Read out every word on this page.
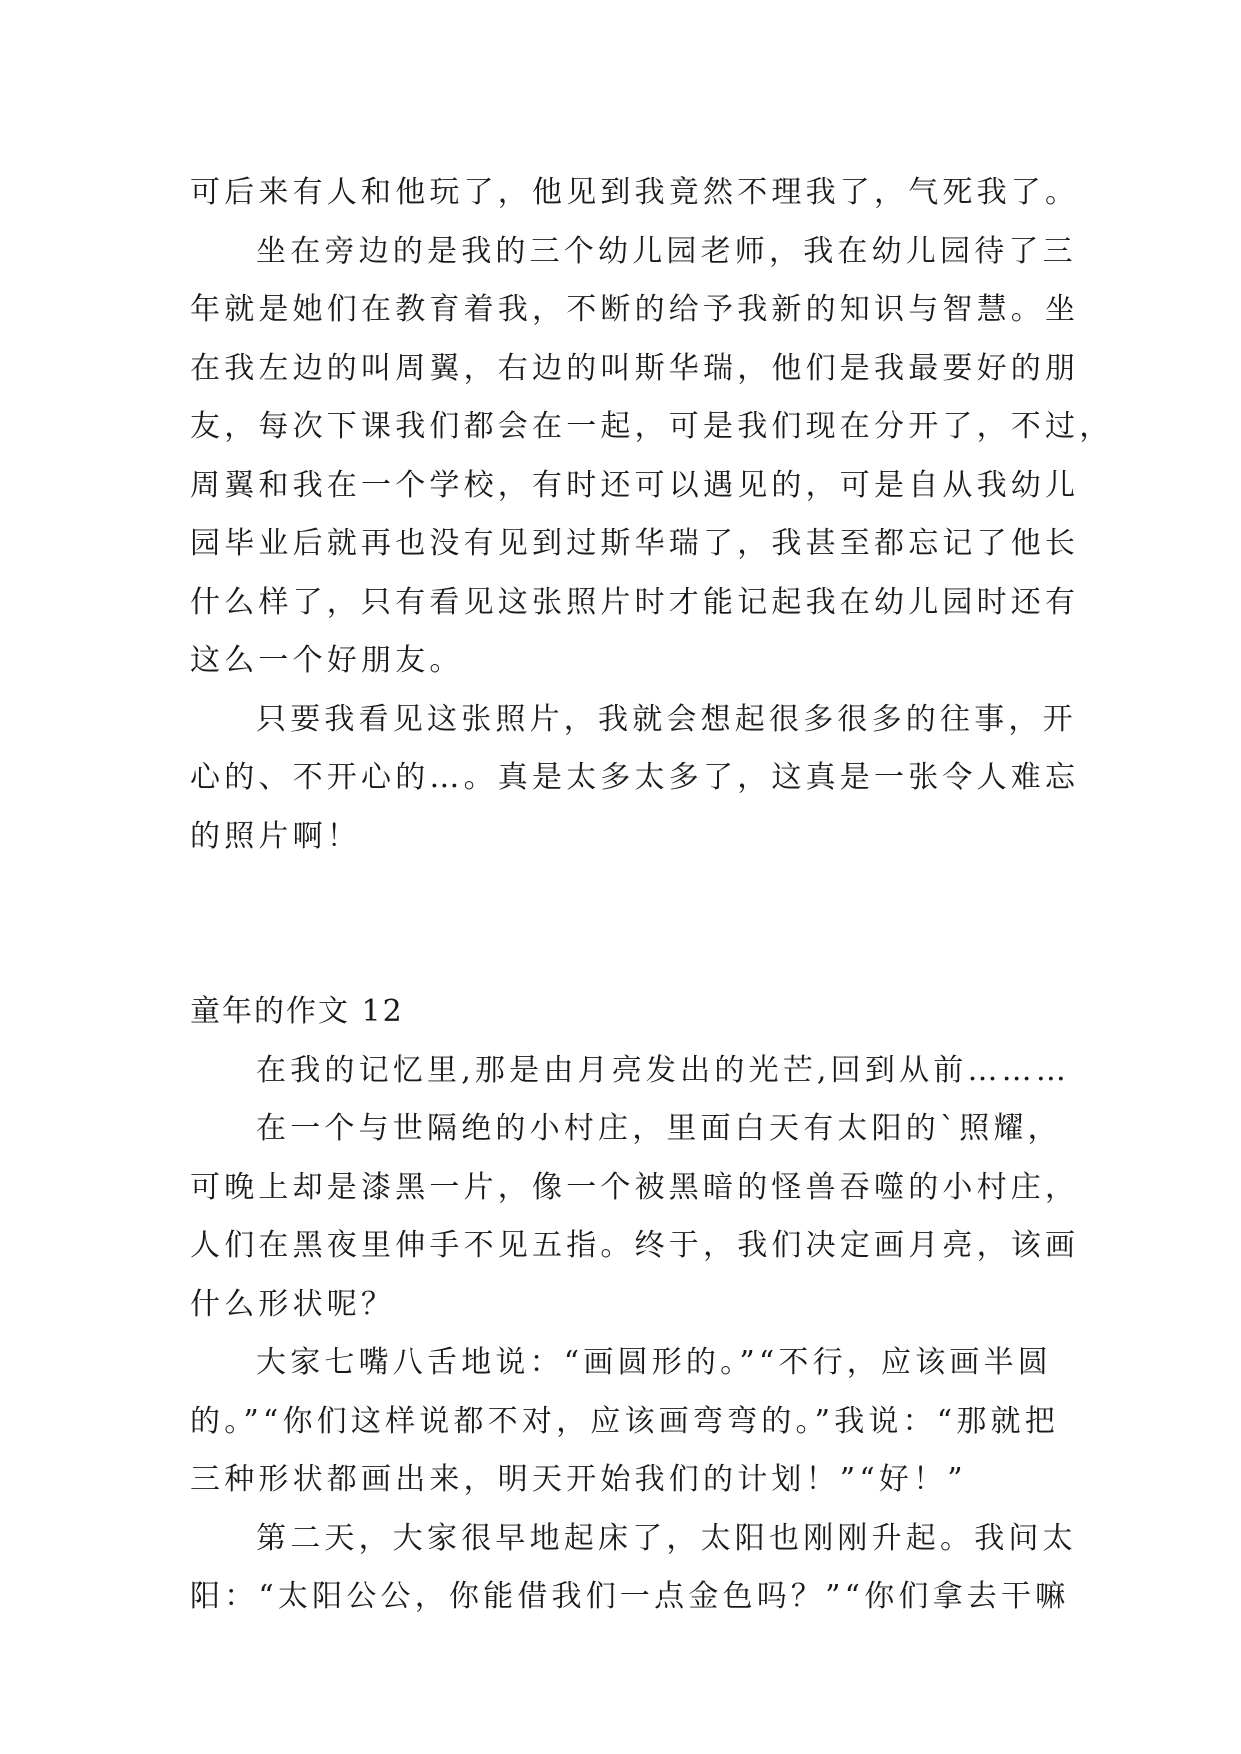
可后来有人和他玩了，他见到我竟然不理我了，气死我了。
坐在旁边的是我的三个幼儿园老师，我在幼儿园待了三
年就是她们在教育着我，不断的给予我新的知识与智慧。坐
在我左边的叫周翼，右边的叫斯华瑞，他们是我最要好的朋
友，每次下课我们都会在一起，可是我们现在分开了，不过，
周翼和我在一个学校，有时还可以遇见的，可是自从我幼儿
园毕业后就再也没有见到过斯华瑞了，我甚至都忘记了他长
什么样了，只有看见这张照片时才能记起我在幼儿园时还有
这么一个好朋友。
只要我看见这张照片，我就会想起很多很多的往事，开
心的、不开心的…。真是太多太多了，这真是一张令人难忘
的照片啊！
童年的作文 12
在我的记忆里,那是由月亮发出的光芒,回到从前………
在一个与世隔绝的小村庄，里面白天有太阳的`照耀，
可晚上却是漆黑一片，像一个被黑暗的怪兽吞噬的小村庄，
人们在黑夜里伸手不见五指。终于，我们决定画月亮，该画
什么形状呢？
大家七嘴八舌地说：“画圆形的。”“不行，应该画半圆
的。”“你们这样说都不对，应该画弯弯的。”我说：“那就把
三种形状都画出来，明天开始我们的计划！”“好！”
第二天，大家很早地起床了，太阳也刚刚升起。我问太
阳：“太阳公公，你能借我们一点金色吗？”“你们拿去干嘛
